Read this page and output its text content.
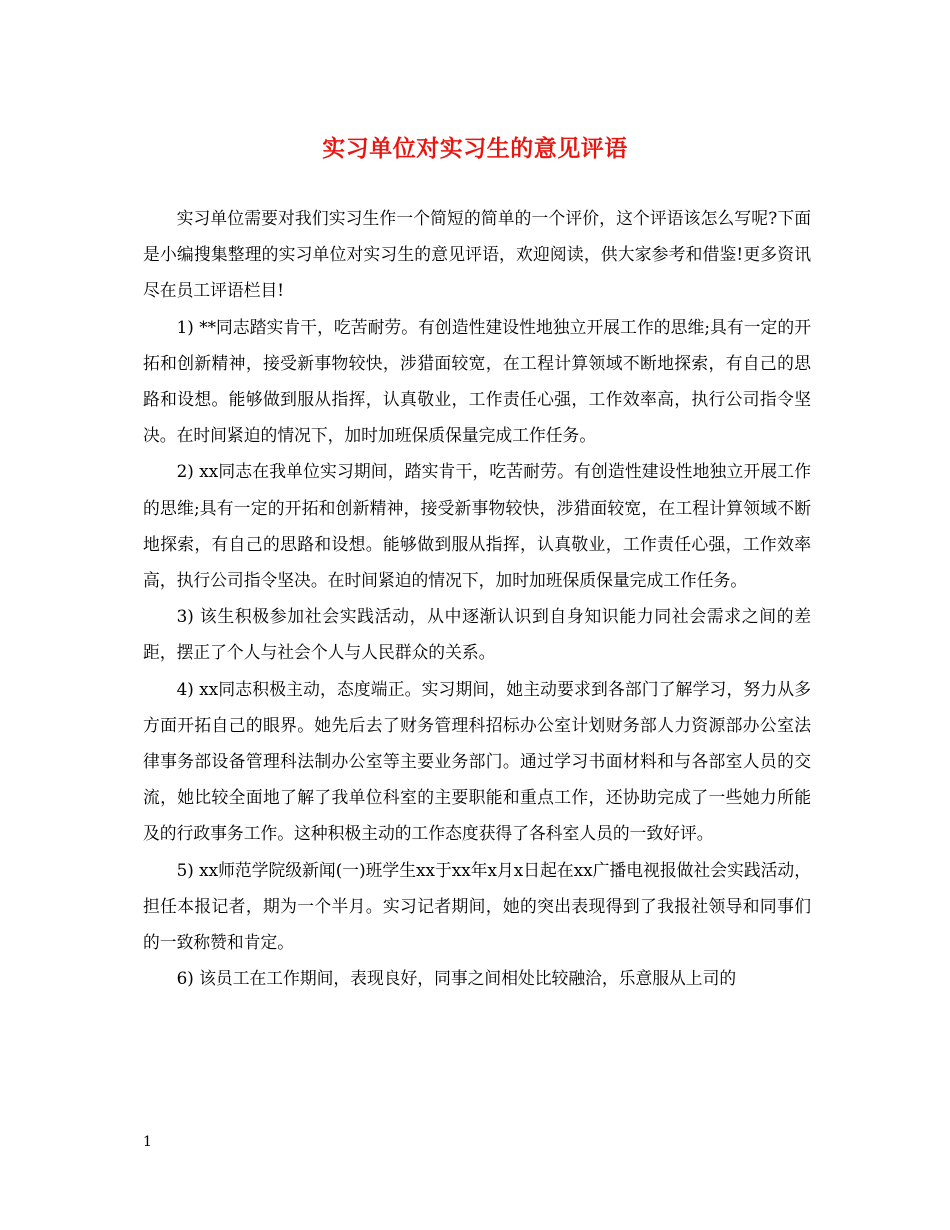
实习单位对实习生的意见评语

实习单位需要对我们实习生作一个简短的简单的一个评价，这个评语该怎么写呢?下面是小编搜集整理的实习单位对实习生的意见评语，欢迎阅读，供大家参考和借鉴!更多资讯尽在员工评语栏目!

1) **同志踏实肯干，吃苦耐劳。有创造性建设性地独立开展工作的思维;具有一定的开拓和创新精神，接受新事物较快，涉猎面较宽，在工程计算领域不断地探索，有自己的思路和设想。能够做到服从指挥，认真敬业，工作责任心强，工作效率高，执行公司指令坚决。在时间紧迫的情况下，加时加班保质保量完成工作任务。

2) xx同志在我单位实习期间，踏实肯干，吃苦耐劳。有创造性建设性地独立开展工作的思维;具有一定的开拓和创新精神，接受新事物较快，涉猎面较宽，在工程计算领域不断地探索，有自己的思路和设想。能够做到服从指挥，认真敬业，工作责任心强，工作效率高，执行公司指令坚决。在时间紧迫的情况下，加时加班保质保量完成工作任务。

3) 该生积极参加社会实践活动，从中逐渐认识到自身知识能力同社会需求之间的差距，摆正了个人与社会个人与人民群众的关系。

4) xx同志积极主动，态度端正。实习期间，她主动要求到各部门了解学习，努力从多方面开拓自己的眼界。她先后去了财务管理科招标办公室计划财务部人力资源部办公室法律事务部设备管理科法制办公室等主要业务部门。通过学习书面材料和与各部室人员的交流，她比较全面地了解了我单位科室的主要职能和重点工作，还协助完成了一些她力所能及的行政事务工作。这种积极主动的工作态度获得了各科室人员的一致好评。

5) xx师范学院级新闻(一)班学生xx于xx年x月x日起在xx广播电视报做社会实践活动，担任本报记者，期为一个半月。实习记者期间，她的突出表现得到了我报社领导和同事们的一致称赞和肯定。

6) 该员工在工作期间，表现良好，同事之间相处比较融洽，乐意服从上司的

1
